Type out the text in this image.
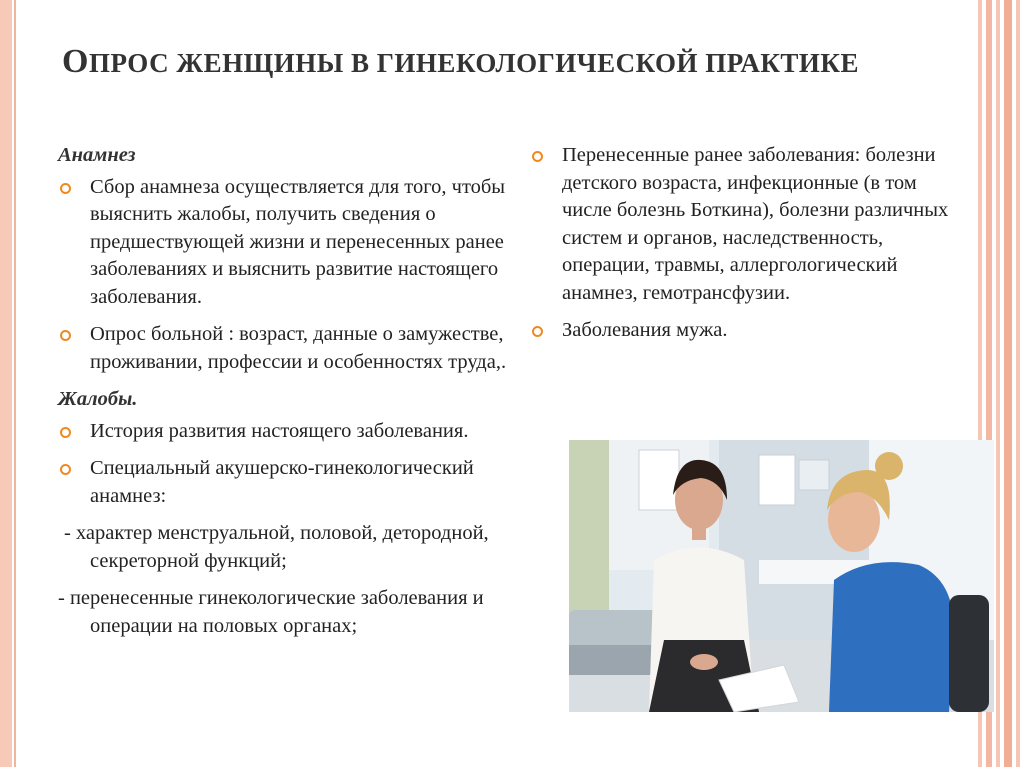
ОПРОС ЖЕНЩИНЫ В ГИНЕКОЛОГИЧЕСКОЙ ПРАКТИКЕ
Анамнез
Сбор анамнеза осуществляется для того, чтобы выяснить жалобы, получить сведения о предшествующей жизни и перенесенных ранее заболеваниях и выяснить развитие настоящего заболевания.
Опрос больной : возраст, данные о замужестве, проживании, профессии и особенностях труда,.
Жалобы.
История развития настоящего заболевания.
Специальный акушерско-гинекологический анамнез:
- характер менструальной, половой, детородной, секреторной функций;
- перенесенные гинекологические заболевания и операции на половых органах;
Перенесенные ранее заболевания: болезни детского возраста, инфекционные (в том числе болезнь Боткина), болезни различных систем и органов, наследственность, операции, травмы, аллергологический анамнез, гемотрансфузии.
Заболевания мужа.
